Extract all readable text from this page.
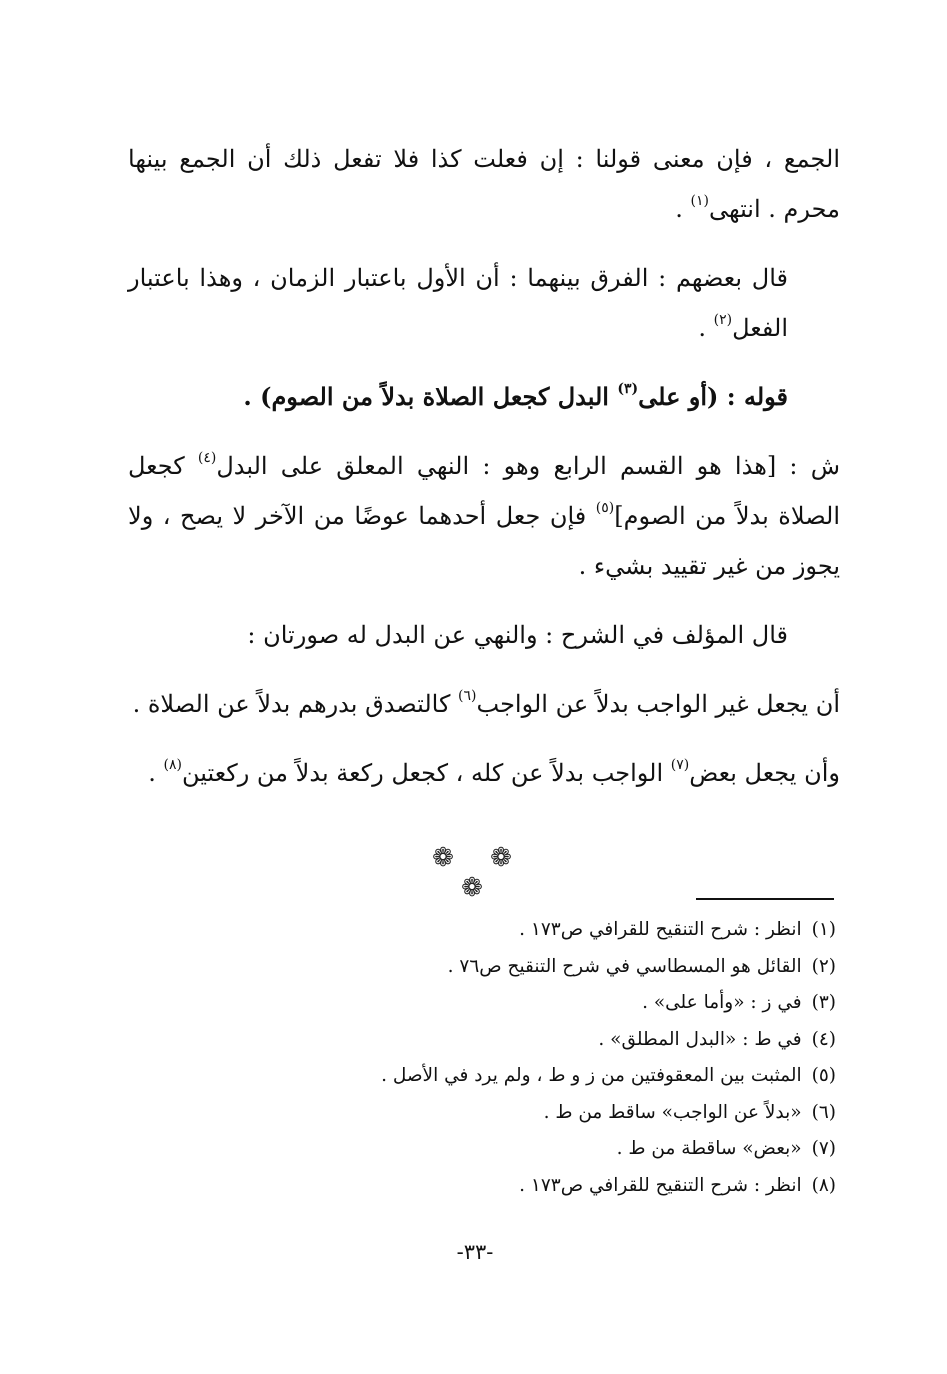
الجمع ، فإن معنى قولنا : إن فعلت كذا فلا تفعل ذلك أن الجمع بينها محرم . انتهى$^{(١)}$ .

قال بعضهم : الفرق بينهما : أن الأول باعتبار الزمان ، وهذا باعتبار الفعل$^{(٢)}$ .

قوله : (أو على$^{(٣)}$ البدل كجعل الصلاة بدلاً من الصوم) .

ش : [هذا هو القسم الرابع وهو : النهي المعلق على البدل$^{(٤)}$ كجعل الصلاة بدلاً من الصوم]$^{(٥)}$ فإن جعل أحدهما عوضًا من الآخر لا يصح ، ولا يجوز من غير تقييد بشيء .

قال المؤلف في الشرح : والنهي عن البدل له صورتان :

أن يجعل غير الواجب بدلاً عن الواجب$^{(٦)}$ كالتصدق بدرهم بدلاً عن الصلاة .

وأن يجعل بعض$^{(٧)}$ الواجب بدلاً عن كله ، كجعل ركعة بدلاً من ركعتين$^{(٨)}$ .

❁ ❁ ❁
(١)انظر : شرح التنقيح للقرافي ص١٧٣ .
(٢)القائل هو المسطاسي في شرح التنقيح ص٧٦ .
(٣)في ز : «وأما على» .
(٤)في ط : «البدل المطلق» .
(٥)المثبت بين المعقوفتين من ز و ط ، ولم يرد في الأصل .
(٦)«بدلاً عن الواجب» ساقط من ط .
(٧)«بعض» ساقطة من ط .
(٨)انظر : شرح التنقيح للقرافي ص١٧٣ .
-٣٣-
